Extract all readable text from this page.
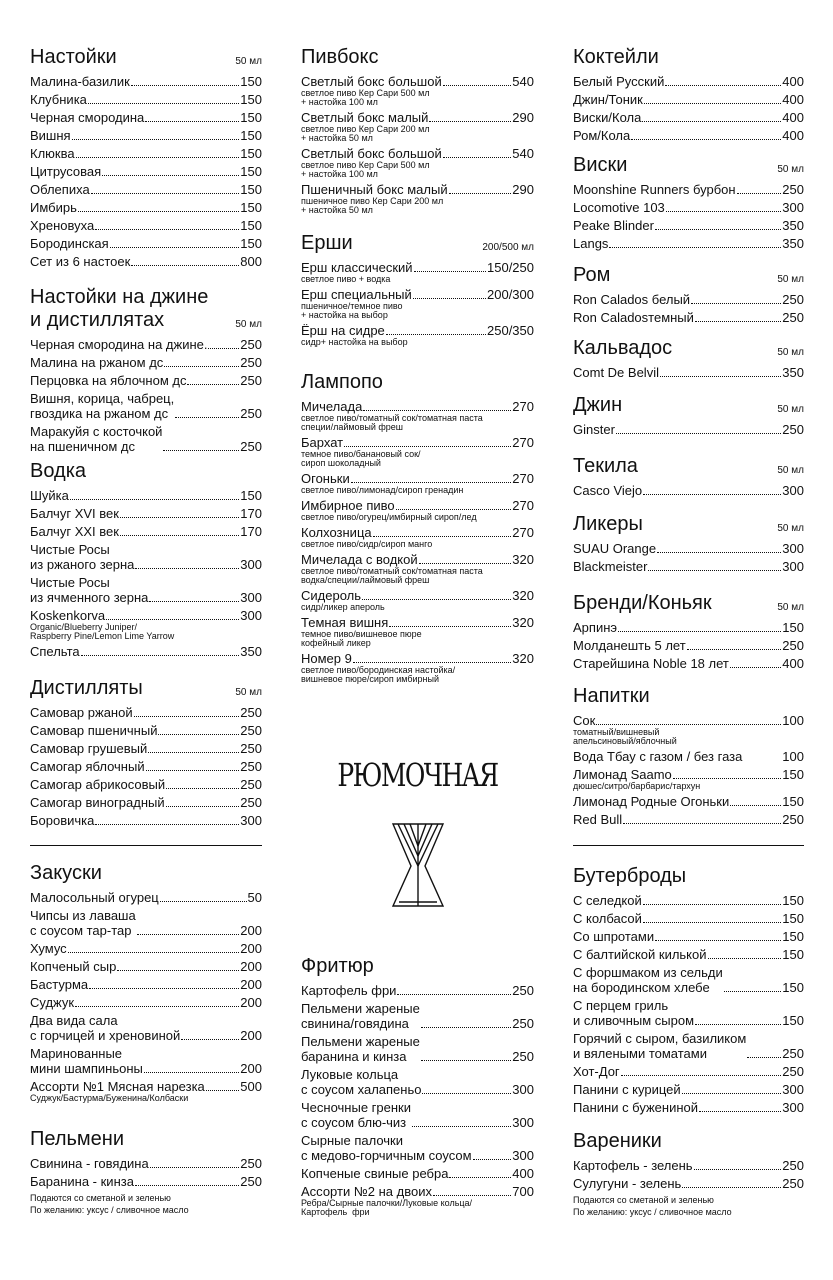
Настойки	50 мл
Малина-базилик	150
Клубника	150
Черная смородина	150
Вишня	150
Клюква	150
Цитрусовая	150
Облепиха	150
Имбирь	150
Хреновуха	150
Бородинская	150
Сет из 6 настоек	800
Настойки на джине
и дистиллятах	50 мл
Черная смородина на джине.	250
Малина на ржаном дс	250
Перцовка на яблочном дс	250
Вишня, корица, чабрец,
гвоздика на ржаном дс	250
Маракуйя с косточкой
на пшеничном дс	250
Водка
Шуйка	150
Балчуг XVI век	170
Балчуг XXI век	170
Чистые Росы
из ржаного зерна	300
Чистые Росы
из ячменного зерна	300
Koskenkorva	300
Organic/Blueberry Juniper/
Raspberry Pine/Lemon Lime Yarrow
Спельта	350
Дистилляты	50 мл
Самовар ржаной	250
Самовар пшеничный	250
Самовар грушевый	250
Самогар яблочный	250
Самогар абрикосовый	250
Самогар виноградный	250
Боровичка	300
Закуски
Малосольный огурец	50
Чипсы из лаваша
с соусом тар-тар	200
Хумус	200
Копченый сыр	200
Бастурма	200
Суджук	200
Два вида сала
с горчицей и хреновиной	200
Маринованные
мини шампиньоны	200
Ассорти №1 Мясная нарезка	500
Суджук/Бастурма/Буженина/Колбаски
Пельмени
Свинина - говядина	250
Баранина - кинза	250
Подаются со сметаной и зеленью
По желанию: уксус / сливочное масло
Пивбокс
Светлый бокс большой	540
светлое пиво Кер Сари 500 мл
+ настойка 100 мл
Светлый бокс малый	290
светлое пиво Кер Сари 200 мл
+ настойка 50 мл
Светлый бокс большой	540
светлое пиво Кер Сари 500 мл
+ настойка 100 мл
Пшеничный бокс малый	290
пшеничное пиво Кер Сари 200 мл
+ настойка 50 мл
Ерши	200/500 мл
Ерш классический	150/250
светлое пиво + водка
Ерш специальный	200/300
пшеничное/темное пиво
+ настойка на выбор
Ёрш на сидре	250/350
сидр+ настойка на выбор
Лампопо
Мичелада	270
светлое пиво/томатный сок/томатная паста
специи/лаймовый фреш
Бархат	270
темное пиво/банановый сок/
сироп шоколадный
Огоньки	270
светлое пиво/лимонад/сироп гренадин
Имбирное пиво	270
светлое пиво/огурец/имбирный сироп/лед
Колхозница	270
светлое пиво/сидр/сироп манго
Мичелада с водкой	320
светлое пиво/томатный сок/томатная паста
водка/специи/лаймовый фреш
Сидероль	320
сидр/ликер апероль
Темная вишня	320
темное пиво/вишневое пюре
кофейный ликер
Номер 9	320
светлое пиво/бородинская настойка/
вишневое пюре/сироп имбирный
Фритюр
Картофель фри	250
Пельмени жареные
свинина/говядина	250
Пельмени жареные
баранина и кинза	250
Луковые кольца
с соусом халапеньо	300
Чесночные гренки
с соусом блю-чиз	300
Сырные палочки
с медово-горчичным соусом	300
Копченые свиные ребра	400
Ассорти №2 на двоих	700
Ребра/Сырные палочки/Луковые кольца/
Картофель  фри
РЮМОЧНАЯ
Коктейли
Белый Русский	400
Джин/Тоник	400
Виски/Кола	400
Ром/Кола	400
Виски	50 мл
Moonshine Runners бурбон	250
Locomotive 103	300
Peake Blinder	350
Langs	350
Ром	50 мл
Ron Calados белый	250
Ron Caladosтемный	250
Кальвадос	50 мл
Comt De Belvil	350
Джин	50 мл
Ginster	250
Текила	50 мл
Casco Viejo	300
Ликеры	50 мл
SUAU Orange	300
Blackmeister	300
Бренди/Коньяк	50 мл
Арпинэ	150
Молданешть 5 лет	250
Старейшина Noble 18 лет	400
Напитки
Сок	100
томатный/вишневый
апельсиновый/яблочный
Вода Тбау с газом / без газа	100
Лимонад Saamo	150
дюшес/ситро/барбарис/тархун
Лимонад Родные Огоньки	150
Red Bull	250
Бутерброды
С селедкой	150
С колбасой	150
Со шпротами	150
С балтийской килькой	150
С форшмаком из сельди
на бородинском хлебе	150
С перцем гриль
и сливочным сыром	150
Горячий с сыром, базиликом
и вялеными томатами	250
Хот-Дог	250
Панини с курицей	300
Панини с бужениной	300
Вареники
Картофель - зелень	250
Сулугуни - зелень	250
Подаются со сметаной и зеленью
По желанию: уксус / сливочное масло
